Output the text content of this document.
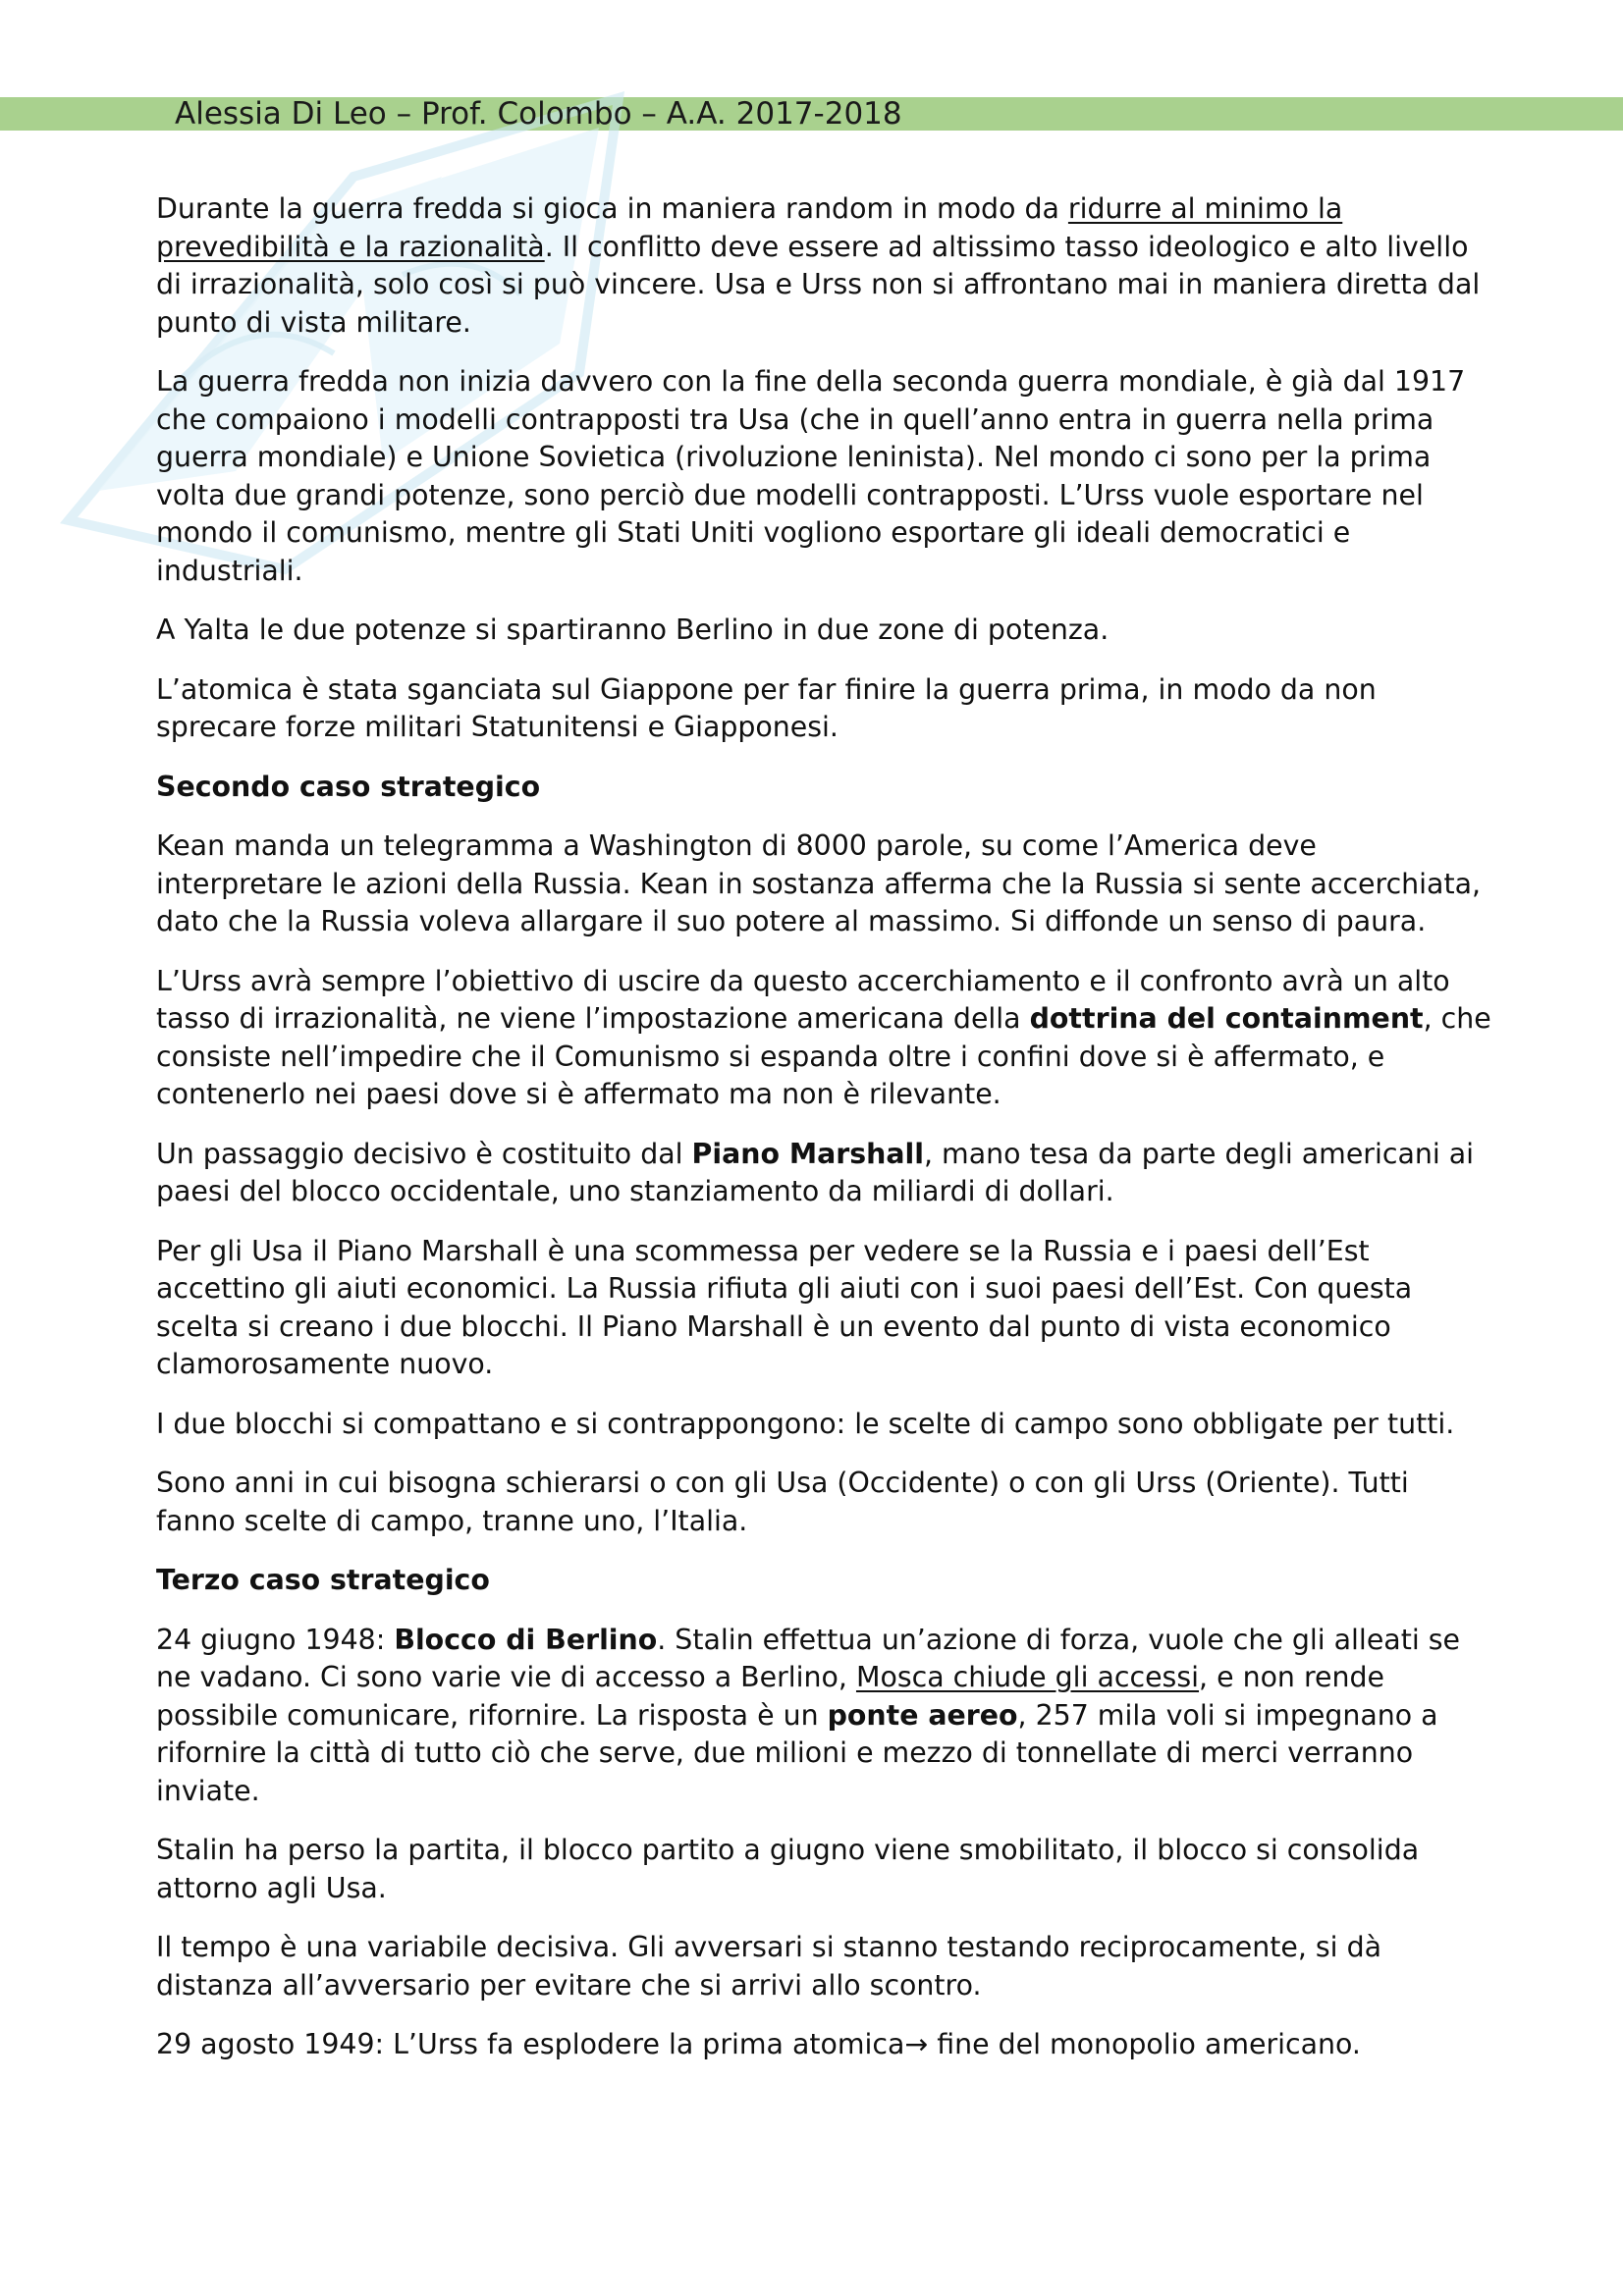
Alessia Di Leo – Prof. Colombo – A.A. 2017-2018

Durante la guerra fredda si gioca in maniera random in modo da ridurre al minimo la prevedibilità e la razionalità. Il conflitto deve essere ad altissimo tasso ideologico e alto livello di irrazionalità, solo così si può vincere. Usa e Urss non si affrontano mai in maniera diretta dal punto di vista militare.

La guerra fredda non inizia davvero con la fine della seconda guerra mondiale, è già dal 1917 che compaiono i modelli contrapposti tra Usa (che in quell’anno entra in guerra nella prima guerra mondiale) e Unione Sovietica (rivoluzione leninista). Nel mondo ci sono per la prima volta due grandi potenze, sono perciò due modelli contrapposti. L’Urss vuole esportare nel mondo il comunismo, mentre gli Stati Uniti vogliono esportare gli ideali democratici e industriali.

A Yalta le due potenze si spartiranno Berlino in due zone di potenza.

L’atomica è stata sganciata sul Giappone per far finire la guerra prima, in modo da non sprecare forze militari Statunitensi e Giapponesi.

Secondo caso strategico

Kean manda un telegramma a Washington di 8000 parole, su come l’America deve interpretare le azioni della Russia. Kean in sostanza afferma che la Russia si sente accerchiata, dato che la Russia voleva allargare il suo potere al massimo. Si diffonde un senso di paura.

L’Urss avrà sempre l’obiettivo di uscire da questo accerchiamento e il confronto avrà un alto tasso di irrazionalità, ne viene l’impostazione americana della dottrina del containment, che consiste nell’impedire che il Comunismo si espanda oltre i confini dove si è affermato, e contenerlo nei paesi dove si è affermato ma non è rilevante.

Un passaggio decisivo è costituito dal Piano Marshall, mano tesa da parte degli americani ai paesi del blocco occidentale, uno stanziamento da miliardi di dollari.

Per gli Usa il Piano Marshall è una scommessa per vedere se la Russia e i paesi dell’Est accettino gli aiuti economici. La Russia rifiuta gli aiuti con i suoi paesi dell’Est. Con questa scelta si creano i due blocchi. Il Piano Marshall è un evento dal punto di vista economico clamorosamente nuovo.

I due blocchi si compattano e si contrappongono: le scelte di campo sono obbligate per tutti.

Sono anni in cui bisogna schierarsi o con gli Usa (Occidente) o con gli Urss (Oriente). Tutti fanno scelte di campo, tranne uno, l’Italia.

Terzo caso strategico

24 giugno 1948: Blocco di Berlino. Stalin effettua un’azione di forza, vuole che gli alleati se ne vadano. Ci sono varie vie di accesso a Berlino, Mosca chiude gli accessi, e non rende possibile comunicare, rifornire. La risposta è un ponte aereo, 257 mila voli si impegnano a rifornire la città di tutto ciò che serve, due milioni e mezzo di tonnellate di merci verranno inviate.

Stalin ha perso la partita, il blocco partito a giugno viene smobilitato, il blocco si consolida attorno agli Usa.

Il tempo è una variabile decisiva. Gli avversari si stanno testando reciprocamente, si dà distanza all’avversario per evitare che si arrivi allo scontro.

29 agosto 1949: L’Urss fa esplodere la prima atomica→ fine del monopolio americano.
